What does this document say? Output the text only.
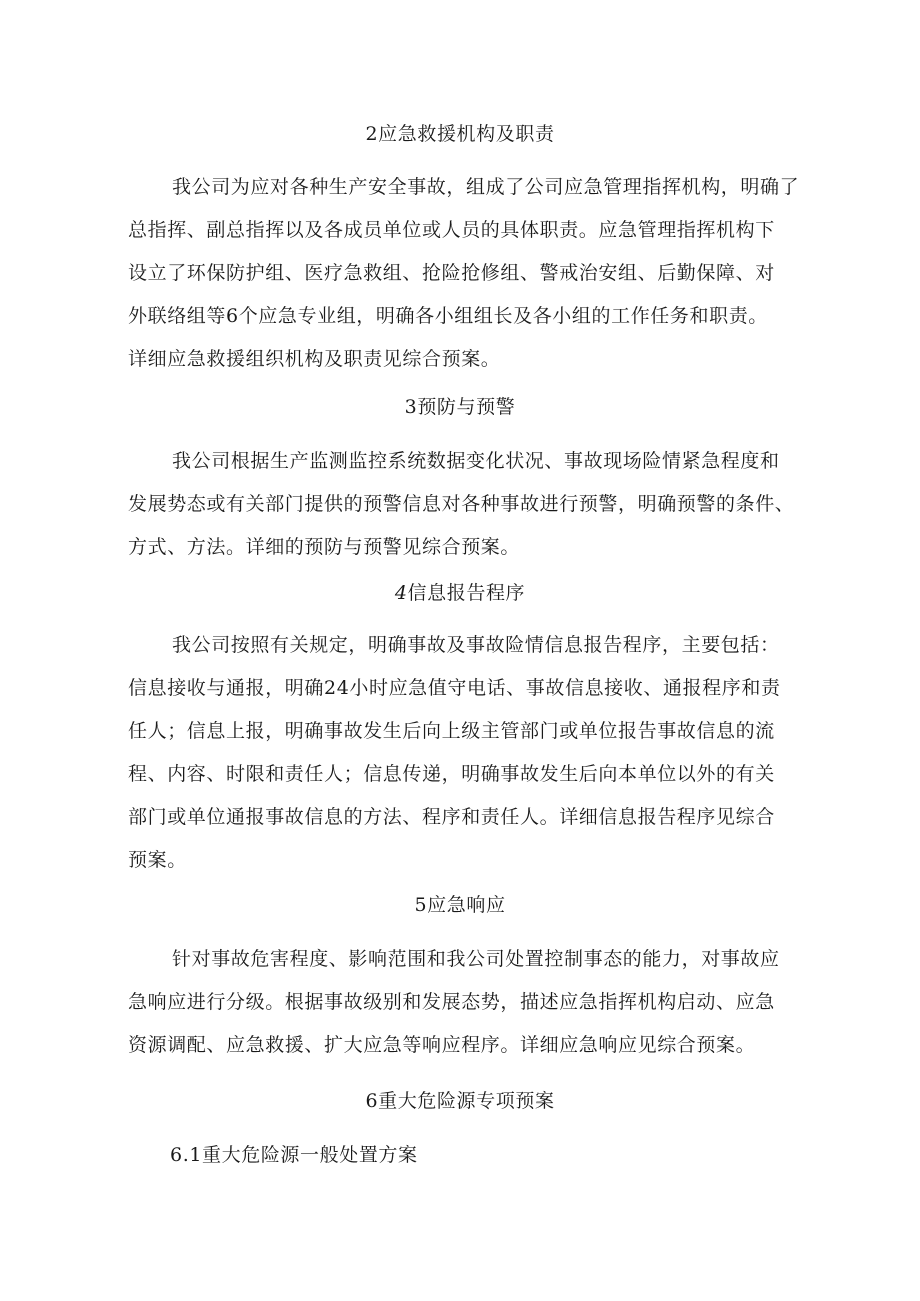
2应急救援机构及职责
我公司为应对各种生产安全事故，组成了公司应急管理指挥机构，明确了
总指挥、副总指挥以及各成员单位或人员的具体职责。应急管理指挥机构下
设立了环保防护组、医疗急救组、抢险抢修组、警戒治安组、后勤保障、对
外联络组等6个应急专业组，明确各小组组长及各小组的工作任务和职责。
详细应急救援组织机构及职责见综合预案。
3预防与预警
我公司根据生产监测监控系统数据变化状况、事故现场险情紧急程度和
发展势态或有关部门提供的预警信息对各种事故进行预警，明确预警的条件、
方式、方法。详细的预防与预警见综合预案。
4信息报告程序
我公司按照有关规定，明确事故及事故险情信息报告程序，主要包括：
信息接收与通报，明确24小时应急值守电话、事故信息接收、通报程序和责
任人；信息上报，明确事故发生后向上级主管部门或单位报告事故信息的流
程、内容、时限和责任人；信息传递，明确事故发生后向本单位以外的有关
部门或单位通报事故信息的方法、程序和责任人。详细信息报告程序见综合
预案。
5应急响应
针对事故危害程度、影响范围和我公司处置控制事态的能力，对事故应
急响应进行分级。根据事故级别和发展态势，描述应急指挥机构启动、应急
资源调配、应急救援、扩大应急等响应程序。详细应急响应见综合预案。
6重大危险源专项预案
6.1重大危险源一般处置方案
